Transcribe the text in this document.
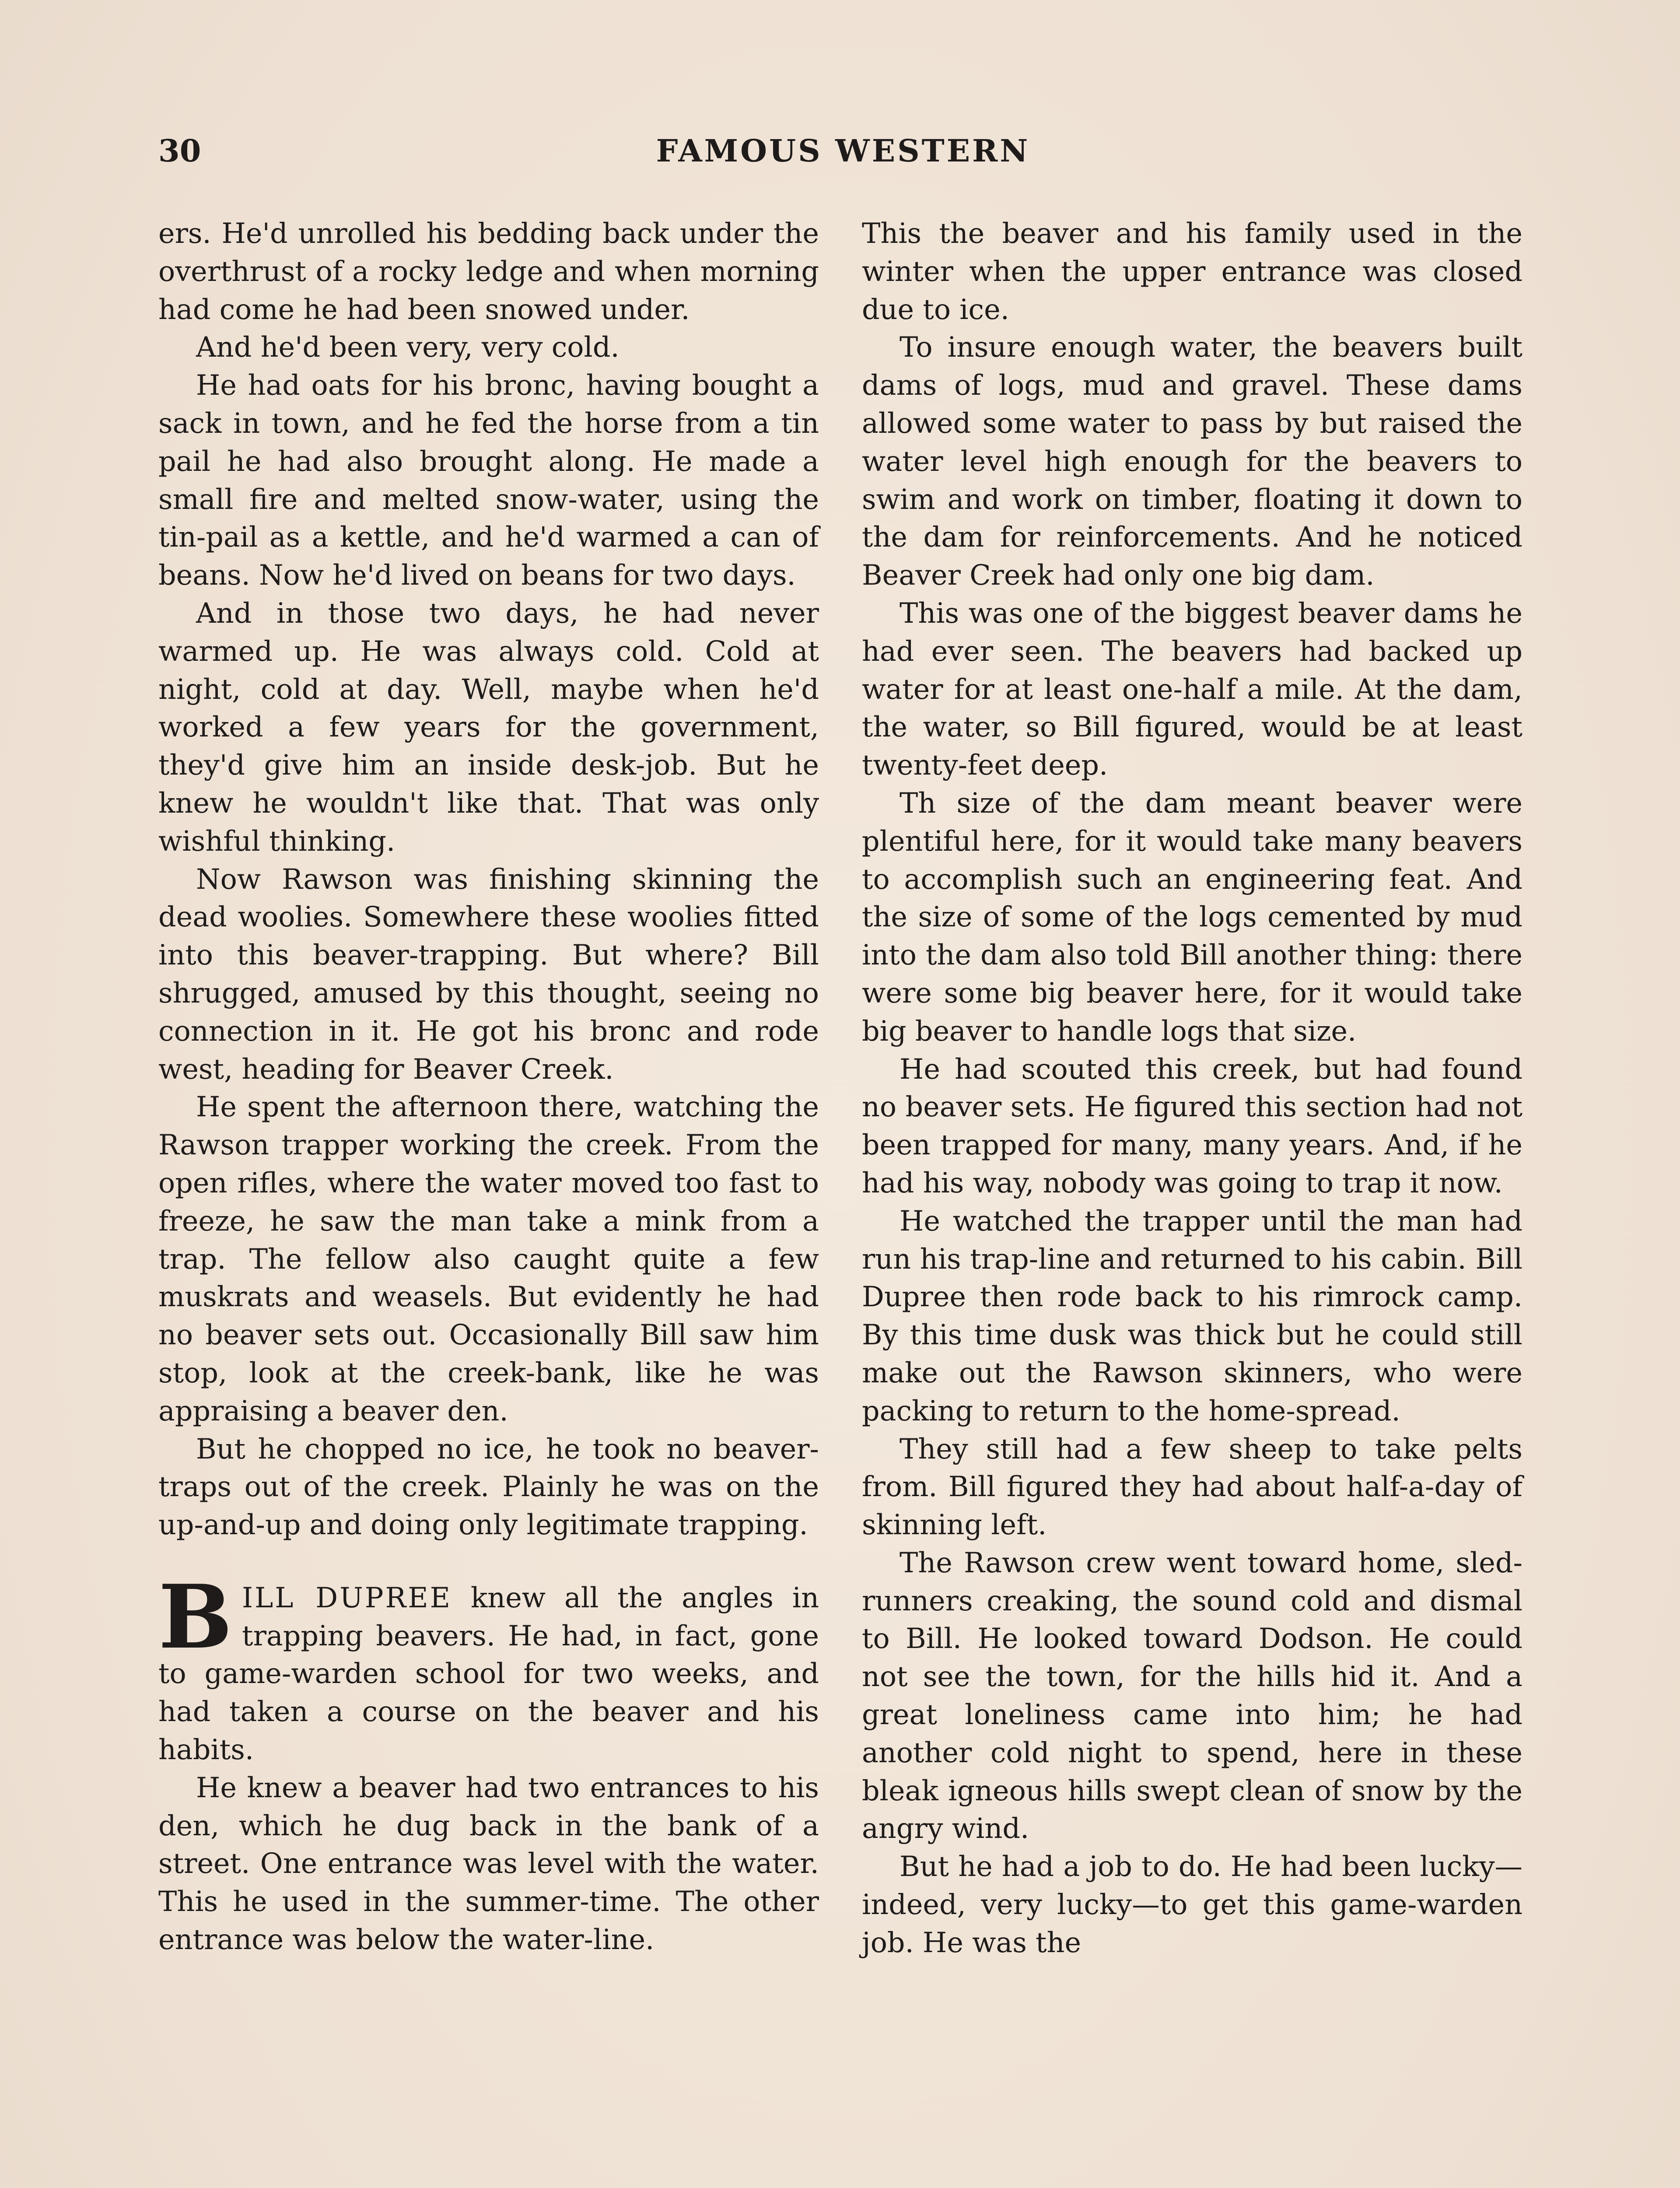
30	FAMOUS WESTERN

ers. He'd unrolled his bedding back under the overthrust of a rocky ledge and when morning had come he had been snowed under.

And he'd been very, very cold.

He had oats for his bronc, having bought a sack in town, and he fed the horse from a tin pail he had also brought along. He made a small fire and melted snow-water, using the tin-pail as a kettle, and he'd warmed a can of beans. Now he'd lived on beans for two days.

And in those two days, he had never warmed up. He was always cold. Cold at night, cold at day. Well, maybe when he'd worked a few years for the government, they'd give him an inside desk-job. But he knew he wouldn't like that. That was only wishful thinking.

Now Rawson was finishing skinning the dead woolies. Somewhere these woolies fitted into this beaver-trapping. But where? Bill shrugged, amused by this thought, seeing no connection in it. He got his bronc and rode west, heading for Beaver Creek.

He spent the afternoon there, watching the Rawson trapper working the creek. From the open rifles, where the water moved too fast to freeze, he saw the man take a mink from a trap. The fellow also caught quite a few muskrats and weasels. But evidently he had no beaver sets out. Occasionally Bill saw him stop, look at the creek-bank, like he was appraising a beaver den.

But he chopped no ice, he took no beaver-traps out of the creek. Plainly he was on the up-and-up and doing only legitimate trapping.

BILL DUPREE knew all the angles in trapping beavers. He had, in fact, gone to game-warden school for two weeks, and had taken a course on the beaver and his habits.

He knew a beaver had two entrances to his den, which he dug back in the bank of a street. One entrance was level with the water. This he used in the summer-time. The other entrance was below the water-line.

This the beaver and his family used in the winter when the upper entrance was closed due to ice.

To insure enough water, the beavers built dams of logs, mud and gravel. These dams allowed some water to pass by but raised the water level high enough for the beavers to swim and work on timber, floating it down to the dam for reinforcements. And he noticed Beaver Creek had only one big dam.

This was one of the biggest beaver dams he had ever seen. The beavers had backed up water for at least one-half a mile. At the dam, the water, so Bill figured, would be at least twenty-feet deep.

Th size of the dam meant beaver were plentiful here, for it would take many beavers to accomplish such an engineering feat. And the size of some of the logs cemented by mud into the dam also told Bill another thing: there were some big beaver here, for it would take big beaver to handle logs that size.

He had scouted this creek, but had found no beaver sets. He figured this section had not been trapped for many, many years. And, if he had his way, nobody was going to trap it now.

He watched the trapper until the man had run his trap-line and returned to his cabin. Bill Dupree then rode back to his rimrock camp. By this time dusk was thick but he could still make out the Rawson skinners, who were packing to return to the home-spread.

They still had a few sheep to take pelts from. Bill figured they had about half-a-day of skinning left.

The Rawson crew went toward home, sled-runners creaking, the sound cold and dismal to Bill. He looked toward Dodson. He could not see the town, for the hills hid it. And a great loneliness came into him; he had another cold night to spend, here in these bleak igneous hills swept clean of snow by the angry wind.

But he had a job to do. He had been lucky—indeed, very lucky—to get this game-warden job. He was the
